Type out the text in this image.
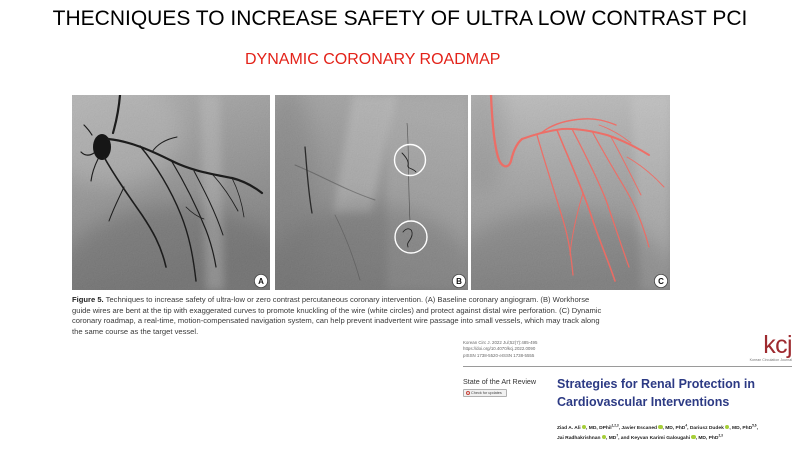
THECNIQUES TO INCREASE SAFETY OF ULTRA LOW CONTRAST PCI
DYNAMIC CORONARY ROADMAP
A	B	C
Figure 5. Techniques to increase safety of ultra-low or zero contrast percutaneous coronary intervention. (A) Baseline coronary angiogram. (B) Workhorse
guide wires are bent at the tip with exaggerated curves to promote knuckling of the wire (white circles) and protect against distal wire perforation. (C) Dynamic
coronary roadmap, a real-time, motion-compensated navigation system, can help prevent inadvertent wire passage into small vessels, which may track along
the same course as the target vessel.
Korean Circ J. 2022 Jul;52(7):485-495
https://doi.org/10.4070/kcj.2022.0090
pISSN 1738-5520·eISSN 1738-5555	kcj
Korean Circulation Journal
State of the Art Review
Check for updates
Strategies for Renal Protection in
Cardiovascular Interventions
Ziad A. Ali , MD, DPhil$^{1,2,3}$, Javier Escaned , MD, PhD$^4$, Dariusz Dudek , MD, PhD$^{5,6}$,
Jai Radhakrishnan , $MD^7$, and Keyvan Karimi Galougahi , MD, PhD$^{2,3}$
